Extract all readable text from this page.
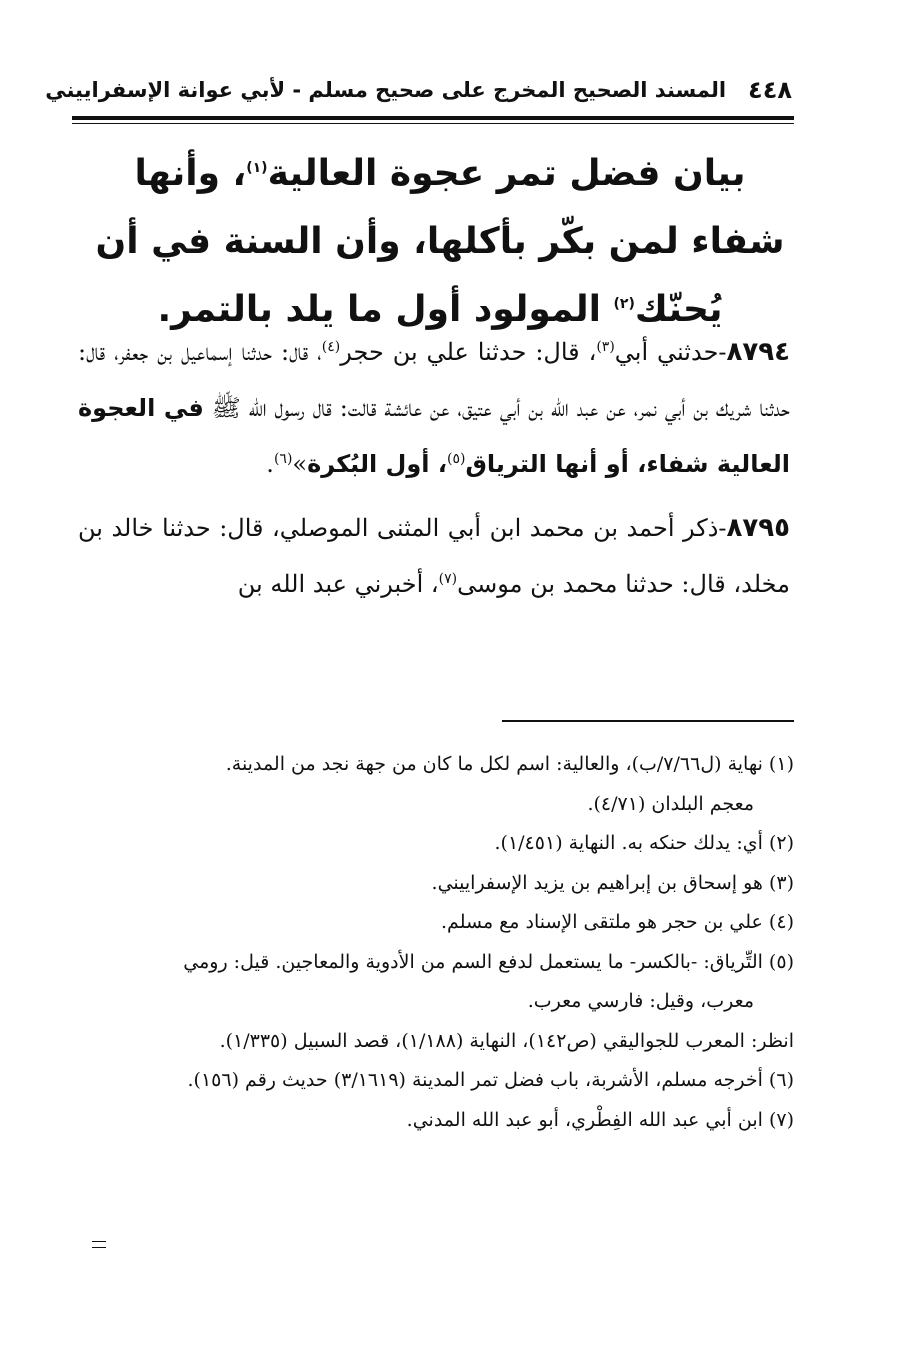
٤٤٨
المسند الصحيح المخرج على صحيح مسلم - لأبي عوانة الإسفراييني
بيان فضل تمر عجوة العالية$^{(١)}$، وأنها شفاء لمن بكّر بأكلها، وأن السنة في أن يُحنّك$^{(٢)}$ المولود أول ما يلد بالتمر.

٨٧٩٤-حدثني أبي$^{(٣)}$، قال: حدثنا علي بن حجر$^{(٤)}$، قال: حدثنا إسماعيل بن جعفر، قال: حدثنا شريك بن أبي نمر، عن عبد الله بن أبي عتيق، عن عائشة قالت: قال رسول الله ﷺ في العجوة العالية شفاء، أو أنها الترياق$^{(٥)}$، أول البُكرة»$^{(٦)}$.

٨٧٩٥-ذكر أحمد بن محمد ابن أبي المثنى الموصلي، قال: حدثنا خالد بن مخلد، قال: حدثنا محمد بن موسى$^{(٧)}$، أخبرني عبد الله بن

(١) نهاية (ل٧/٦٦/ب)، والعالية: اسم لكل ما كان من جهة نجد من المدينة.
معجم البلدان (٤/٧١).
(٢) أي: يدلك حنكه به. النهاية (١/٤٥١).
(٣) هو إسحاق بن إبراهيم بن يزيد الإسفراييني.
(٤) علي بن حجر هو ملتقى الإسناد مع مسلم.
(٥) التِّرياق: -بالكسر- ما يستعمل لدفع السم من الأدوية والمعاجين. قيل: رومي
معرب، وقيل: فارسي معرب.
انظر: المعرب للجواليقي (ص١٤٢)، النهاية (١/١٨٨)، قصد السبيل (١/٣٣٥).
(٦) أخرجه مسلم، الأشربة، باب فضل تمر المدينة (٣/١٦١٩) حديث رقم (١٥٦).
(٧) ابن أبي عبد الله الفِطْري، أبو عبد الله المدني.
